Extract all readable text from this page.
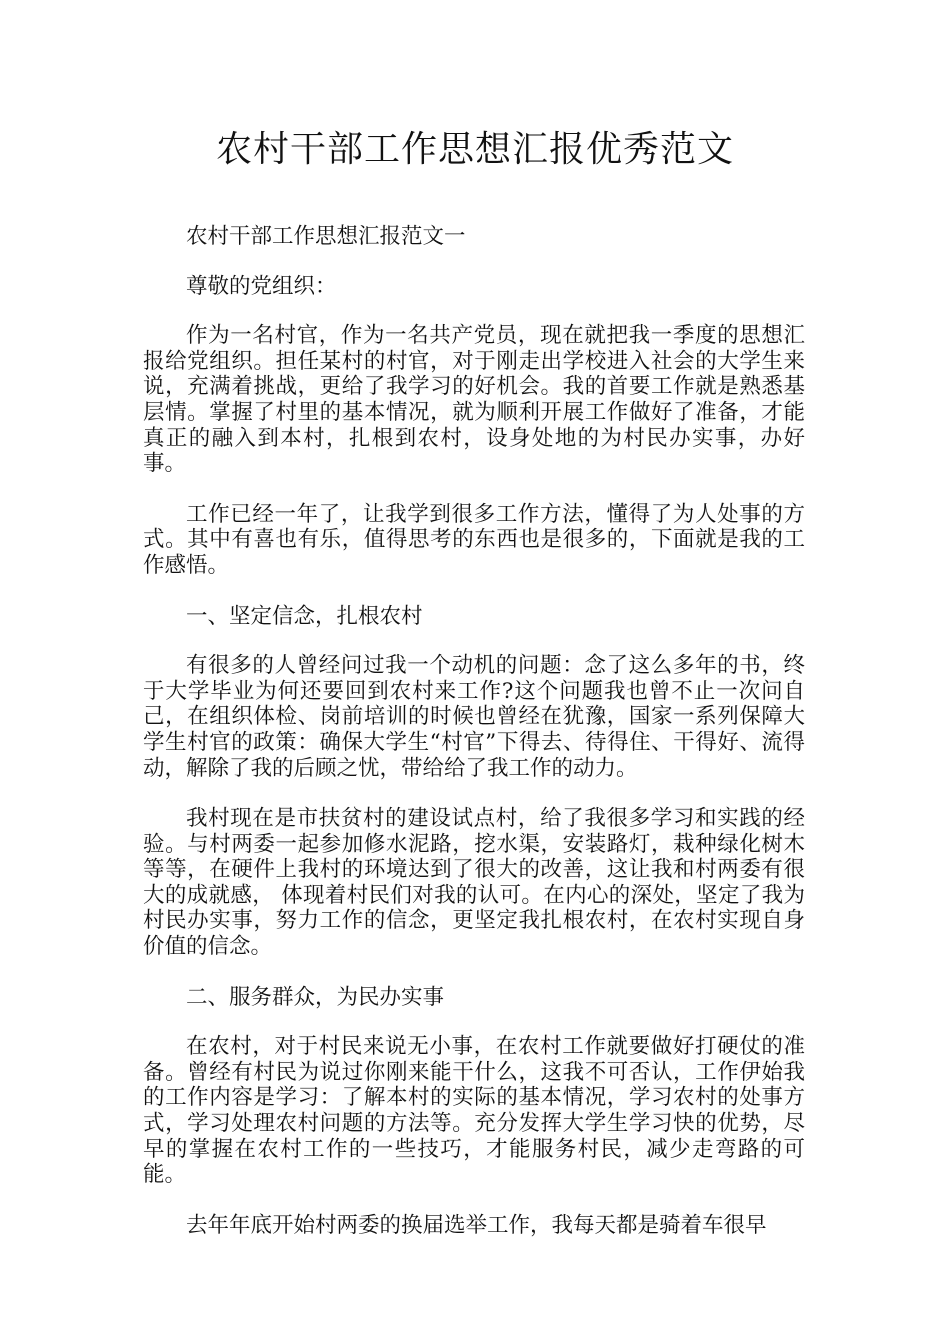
农村干部工作思想汇报优秀范文

农村干部工作思想汇报范文一

尊敬的党组织：

作为一名村官，作为一名共产党员，现在就把我一季度的思想汇报给党组织。担任某村的村官，对于刚走出学校进入社会的大学生来说，充满着挑战，更给了我学习的好机会。我的首要工作就是熟悉基层情。掌握了村里的基本情况，就为顺利开展工作做好了准备，才能真正的融入到本村，扎根到农村，设身处地的为村民办实事，办好事。

工作已经一年了，让我学到很多工作方法，懂得了为人处事的方式。其中有喜也有乐，值得思考的东西也是很多的，下面就是我的工作感悟。

一、坚定信念，扎根农村

有很多的人曾经问过我一个动机的问题：念了这么多年的书，终于大学毕业为何还要回到农村来工作?这个问题我也曾不止一次问自己，在组织体检、岗前培训的时候也曾经在犹豫，国家一系列保障大学生村官的政策：确保大学生“村官”下得去、待得住、干得好、流得动，解除了我的后顾之忧，带给给了我工作的动力。

我村现在是市扶贫村的建设试点村，给了我很多学习和实践的经验。与村两委一起参加修水泥路，挖水渠，安装路灯，栽种绿化树木等等，在硬件上我村的环境达到了很大的改善，这让我和村两委有很大的成就感， 体现着村民们对我的认可。在内心的深处，坚定了我为村民办实事，努力工作的信念，更坚定我扎根农村，在农村实现自身价值的信念。

二、服务群众，为民办实事

在农村，对于村民来说无小事，在农村工作就要做好打硬仗的准备。曾经有村民为说过你刚来能干什么，这我不可否认，工作伊始我的工作内容是学习：了解本村的实际的基本情况，学习农村的处事方式，学习处理农村问题的方法等。充分发挥大学生学习快的优势，尽早的掌握在农村工作的一些技巧，才能服务村民，减少走弯路的可能。

去年年底开始村两委的换届选举工作，我每天都是骑着车很早
